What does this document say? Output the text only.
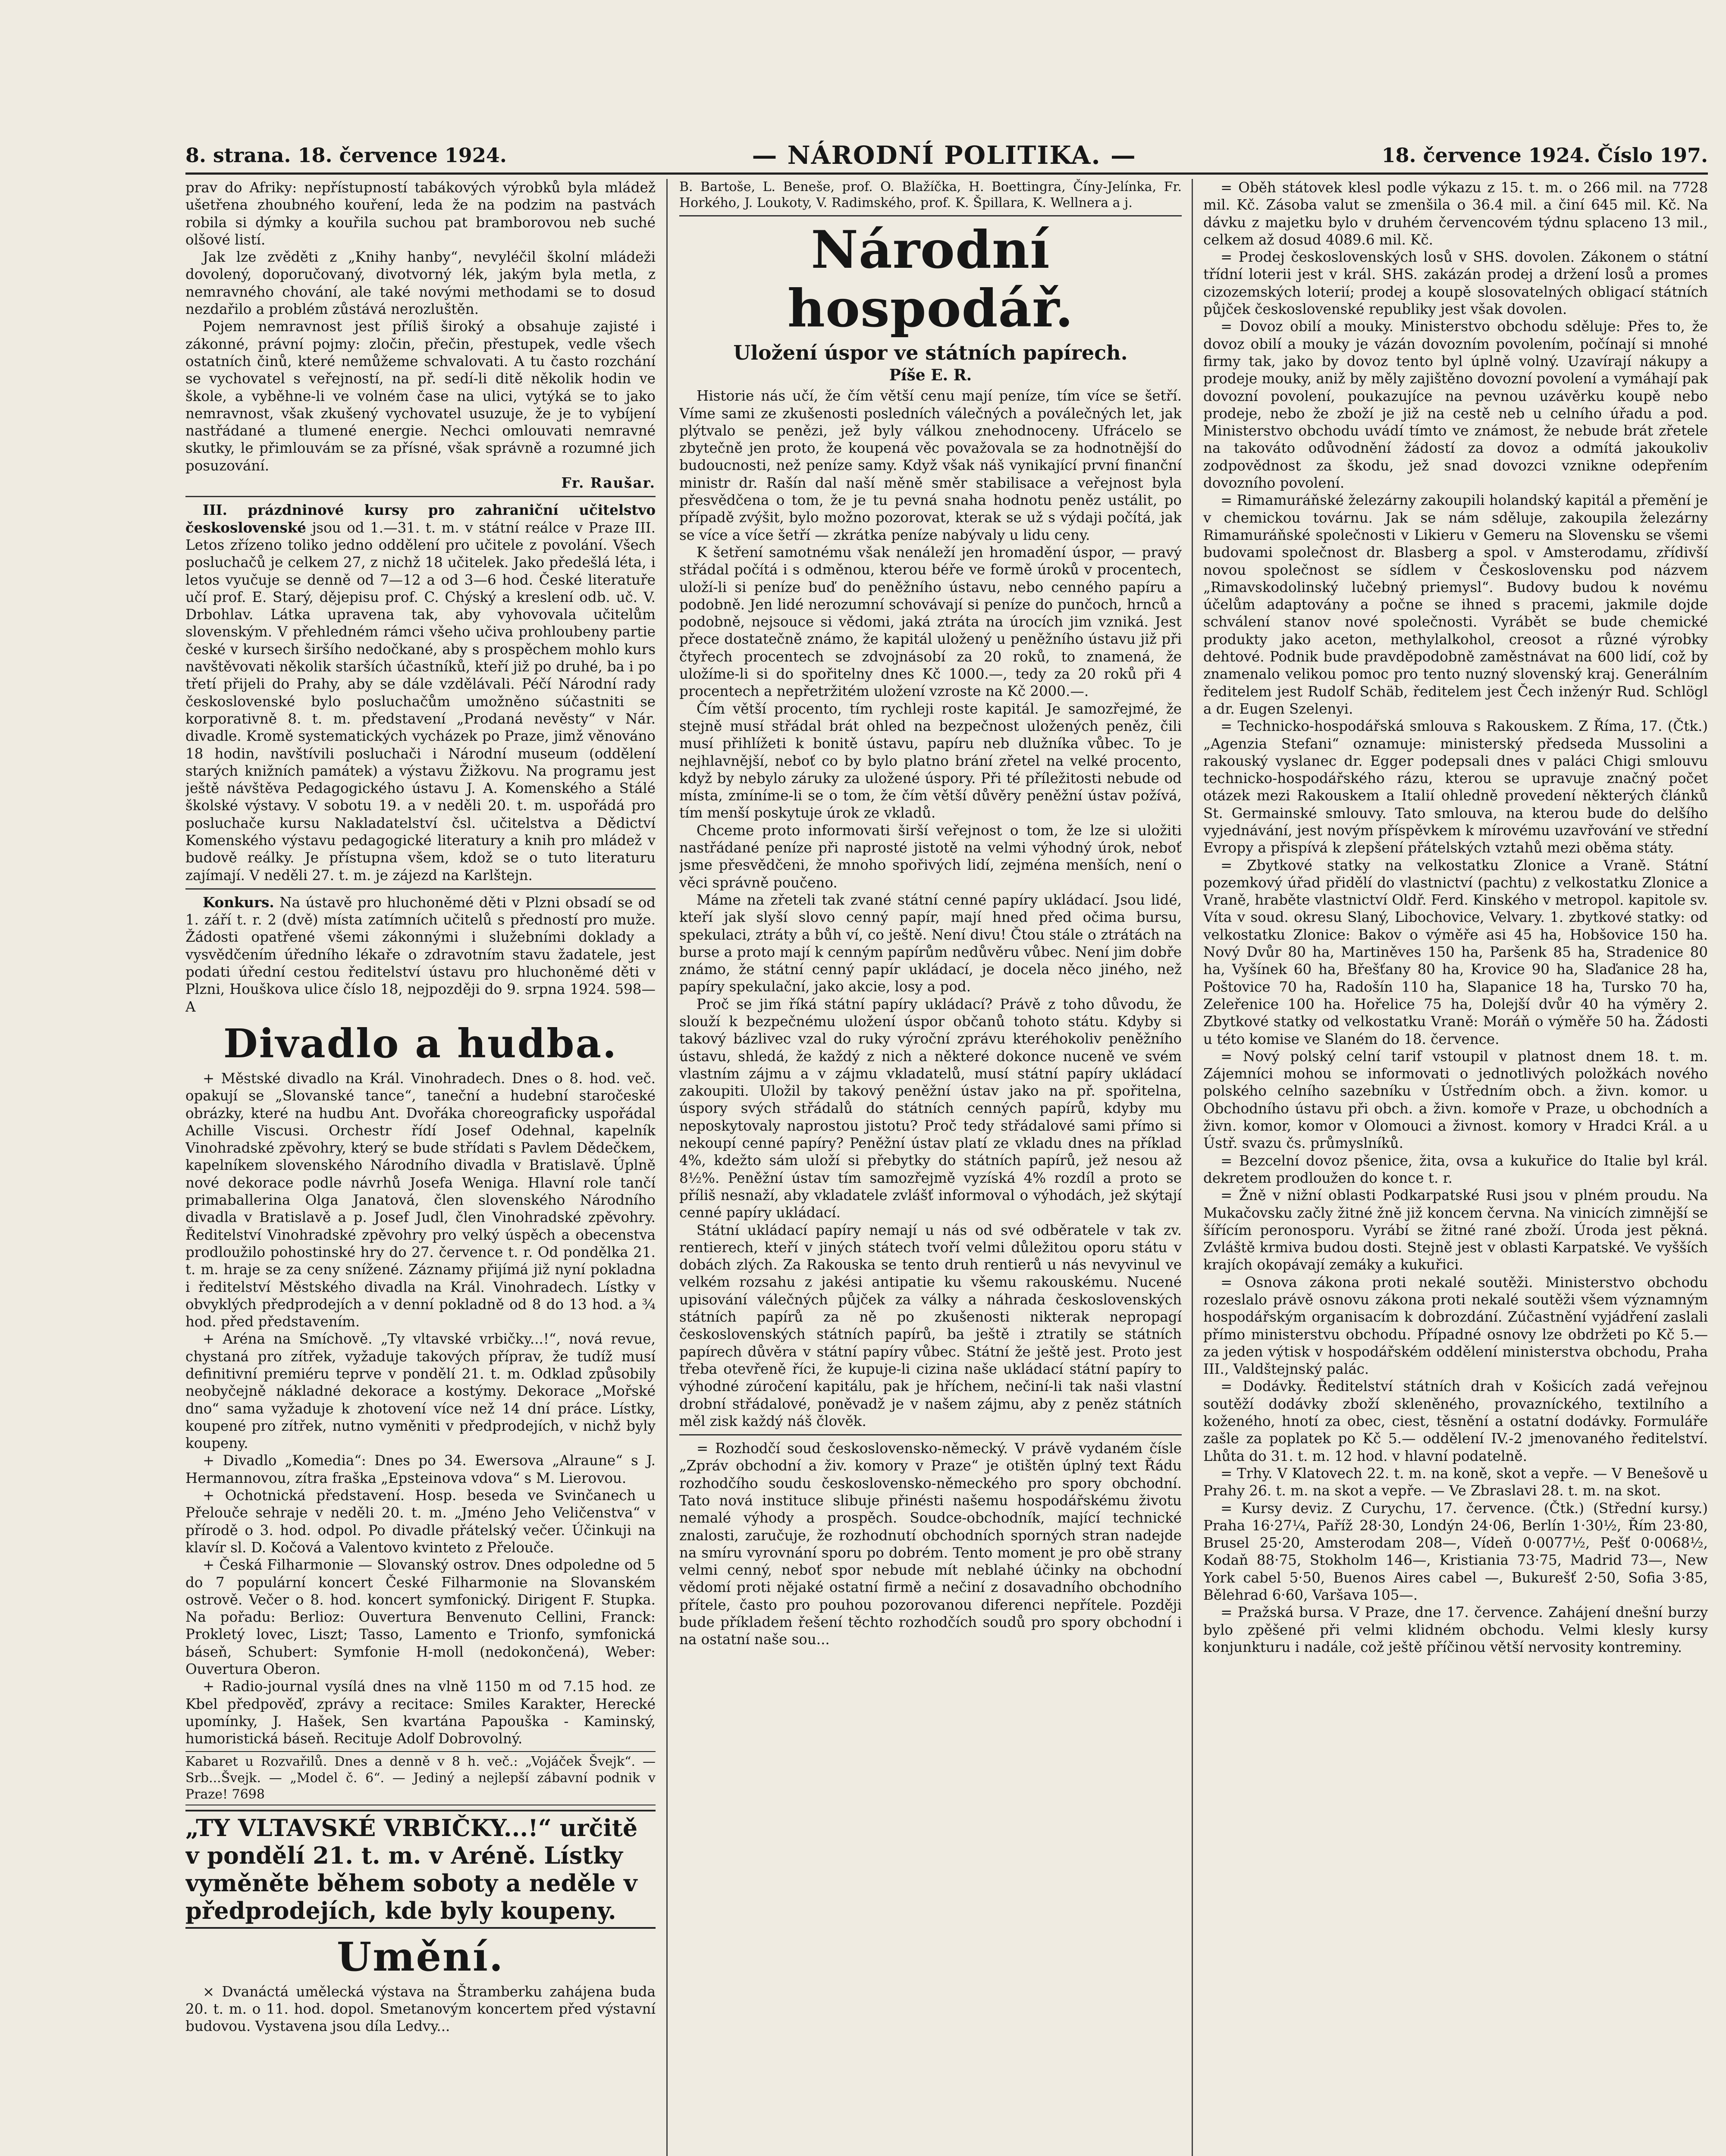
8. strana. 18. července 1924.	— NÁRODNÍ POLITIKA. —	18. července 1924. Číslo 197.

prav do Afriky: nepřístupností tabákových výrobků byla mládež ušetřena zhoubného kouření, leda že na podzim na pastvách robila si dýmky a kouřila suchou pat bramborovou neb suché olšové listí.

Jak lze zvěděti z „Knihy hanby“, nevyléčil školní mládeži dovolený, doporučovaný, divotvorný lék, jakým byla metla, z nemravného chování, ale také novými methodami se to dosud nezdařilo a problém zůstává nerozluštěn.

Pojem nemravnost jest příliš široký a obsahuje zajisté i zákonné, právní pojmy: zločin, přečin, přestupek, vedle všech ostatních činů, které nemůžeme schvalovati. A tu často rozchání se vychovatel s veřejností, na př. sedí-li ditě několik hodin ve škole, a vyběhne-li ve volném čase na ulici, vytýká se to jako nemravnost, však zkušený vychovatel usuzuje, že je to vybíjení nastřádané a tlumené energie. Nechci omlouvati nemravné skutky, le přimlouvám se za přísné, však správně a rozumné jich posuzování.

Fr. Raušar.

III. prázdninové kursy pro zahraniční učitelstvo československé jsou od 1.—31. t. m. v státní reálce v Praze III. Letos zřízeno toliko jedno oddělení pro učitele z povolání. Všech posluchačů je celkem 27, z nichž 18 učitelek. Jako předešlá léta, i letos vyučuje se denně od 7—12 a od 3—6 hod. České literatuře učí prof. E. Starý, dějepisu prof. C. Chýský a kreslení odb. uč. V. Drbohlav. Látka upravena tak, aby vyhovovala učitelům slovenským. V přehledném rámci všeho učiva prohloubeny partie české v kursech širšího nedočkané, aby s prospěchem mohlo kurs navštěvovati několik starších účastníků, kteří již po druhé, ba i po třetí přijeli do Prahy, aby se dále vzdělávali. Péčí Národní rady československé bylo posluchačům umožněno súčastniti se korporativně 8. t. m. představení „Prodaná nevěsty“ v Nár. divadle. Kromě systematických vycházek po Praze, jimž věnováno 18 hodin, navštívili posluchači i Národní museum (oddělení starých knižních památek) a výstavu Žižkovu. Na programu jest ještě návštěva Pedagogického ústavu J. A. Komenského a Stálé školské výstavy. V sobotu 19. a v neděli 20. t. m. uspořádá pro posluchače kursu Nakladatelství čsl. učitelstva a Dědictví Komenského výstavu pedagogické literatury a knih pro mládež v budově reálky. Je přístupna všem, kdož se o tuto literaturu zajímají. V neděli 27. t. m. je zájezd na Karlštejn.

Konkurs. Na ústavě pro hluchoněmé děti v Plzni obsadí se od 1. září t. r. 2 (dvě) místa zatímních učitelů s předností pro muže. Žádosti opatřené všemi zákonnými i služebními doklady a vysvědčením úředního lékaře o zdravotním stavu žadatele, jest podati úřední cestou ředitelství ústavu pro hluchoněmé děti v Plzni, Houškova ulice číslo 18, nejpozději do 9. srpna 1924. 598—A

Divadlo a hudba.

+ Městské divadlo na Král. Vinohradech. Dnes o 8. hod. več. opakují se „Slovanské tance“, taneční a hudební staročeské obrázky, které na hudbu Ant. Dvořáka choreograficky uspořádal Achille Viscusi. Orchestr řídí Josef Odehnal, kapelník Vinohradské zpěvohry, který se bude střídati s Pavlem Dědečkem, kapelníkem slovenského Národního divadla v Bratislavě. Úplně nové dekorace podle návrhů Josefa Weniga. Hlavní role tančí primaballerina Olga Janatová, člen slovenského Národního divadla v Bratislavě a p. Josef Judl, člen Vinohradské zpěvohry. Ředitelství Vinohradské zpěvohry pro velký úspěch a obecenstva prodloužilo pohostinské hry do 27. července t. r. Od pondělka 21. t. m. hraje se za ceny snížené. Záznamy přijímá již nyní pokladna i ředitelství Městského divadla na Král. Vinohradech. Lístky v obvyklých předprodejích a v denní pokladně od 8 do 13 hod. a ¾ hod. před představením.

+ Aréna na Smíchově. „Ty vltavské vrbičky...!“, nová revue, chystaná pro zítřek, vyžaduje takových příprav, že tudíž musí definitivní premiéru teprve v pondělí 21. t. m. Odklad způsobily neobyčejně nákladné dekorace a kostýmy. Dekorace „Mořské dno“ sama vyžaduje k zhotovení více než 14 dní práce. Lístky, koupené pro zítřek, nutno vyměniti v předprodejích, v nichž byly koupeny.

+ Divadlo „Komedia“: Dnes po 34. Ewersova „Alraune“ s J. Hermannovou, zítra fraška „Epsteinova vdova“ s M. Lierovou.

+ Ochotnická představení. Hosp. beseda ve Svinčanech u Přelouče sehraje v neděli 20. t. m. „Jméno Jeho Veličenstva“ v přírodě o 3. hod. odpol. Po divadle přátelský večer. Účinkuji na klavír sl. D. Kočová a Valentovo kvinteto z Přelouče.

+ Česká Filharmonie — Slovanský ostrov. Dnes odpoledne od 5 do 7 populární koncert České Filharmonie na Slovanském ostrově. Večer o 8. hod. koncert symfonický. Dirigent F. Stupka. Na pořadu: Berlioz: Ouvertura Benvenuto Cellini, Franck: Prokletý lovec, Liszt; Tasso, Lamento e Trionfo, symfonická báseň, Schubert: Symfonie H-moll (nedokončená), Weber: Ouvertura Oberon.

+ Radio-journal vysílá dnes na vlně 1150 m od 7.15 hod. ze Kbel předpověď, zprávy a recitace: Smiles Karakter, Herecké upomínky, J. Hašek, Sen kvartána Papouška - Kaminský, humoristická báseň. Recituje Adolf Dobrovolný.

Kabaret u Rozvařilů. Dnes a denně v 8 h. več.: „Vojáček Švejk“. — Srb...Švejk. — „Model č. 6“. — Jediný a nejlepší zábavní podnik v Praze! 7698
„TY VLTAVSKÉ VRBIČKY...!“ určitě v pondělí 21. t. m. v Aréně. Lístky vyměněte během soboty a neděle v předprodejích, kde byly koupeny.
Umění.

× Dvanáctá umělecká výstava na Štramberku zahájena buda 20. t. m. o 11. hod. dopol. Smetanovým koncertem před výstavní budovou. Vystavena jsou díla Ledvy...

B. Bartoše, L. Beneše, prof. O. Blažíčka, H. Boettingra, Číny-Jelínka, Fr. Horkého, J. Loukoty, V. Radimského, prof. K. Špillara, K. Wellnera a j.
Národní hospodář.
Uložení úspor ve státních papírech.
Píše E. R.

Historie nás učí, že čím větší cenu mají peníze, tím více se šetří. Víme sami ze zkušenosti posledních válečných a poválečných let, jak plýtvalo se penězi, jež byly válkou znehodnoceny. Ufrácelo se zbytečně jen proto, že koupená věc považovala se za hodnotnější do budoucnosti, než peníze samy. Když však náš vynikající první finanční ministr dr. Rašín dal naší měně směr stabilisace a veřejnost byla přesvědčena o tom, že je tu pevná snaha hodnotu peněz ustálit, po případě zvýšit, bylo možno pozorovat, kterak se už s výdaji počítá, jak se více a více šetří — zkrátka peníze nabývaly u lidu ceny.

K šetření samotnému však nenáleží jen hromadění úspor, — pravý střádal počítá i s odměnou, kterou béře ve formě úroků v procentech, uloží-li si peníze buď do peněžního ústavu, nebo cenného papíru a podobně. Jen lidé nerozumní schovávají si peníze do punčoch, hrnců a podobně, nejsouce si vědomi, jaká ztráta na úrocích jim vzniká. Jest přece dostatečně známo, že kapitál uložený u peněžního ústavu již při čtyřech procentech se zdvojnásobí za 20 roků, to znamená, že uložíme-li si do spořitelny dnes Kč 1000.—, tedy za 20 roků při 4 procentech a nepřetržitém uložení vzroste na Kč 2000.—.

Čím větší procento, tím rychleji roste kapitál. Je samozřejmé, že stejně musí střádal brát ohled na bezpečnost uložených peněz, čili musí přihlížeti k bonitě ústavu, papíru neb dlužníka vůbec. To je nejhlavnější, neboť co by bylo platno brání zřetel na velké procento, když by nebylo záruky za uložené úspory. Při té příležitosti nebude od místa, zmíníme-li se o tom, že čím větší důvěry peněžní ústav požívá, tím menší poskytuje úrok ze vkladů.

Chceme proto informovati širší veřejnost o tom, že lze si uložiti nastřádané peníze při naprosté jistotě na velmi výhodný úrok, neboť jsme přesvědčeni, že mnoho spořivých lidí, zejména menších, není o věci správně poučeno.

Máme na zřeteli tak zvané státní cenné papíry ukládací. Jsou lidé, kteří jak slyší slovo cenný papír, mají hned před očima bursu, spekulaci, ztráty a bůh ví, co ještě. Není divu! Čtou stále o ztrátách na burse a proto mají k cenným papírům nedůvěru vůbec. Není jim dobře známo, že státní cenný papír ukládací, je docela něco jiného, než papíry spekulační, jako akcie, losy a pod.

Proč se jim říká státní papíry ukládací? Právě z toho důvodu, že slouží k bezpečnému uložení úspor občanů tohoto státu. Kdyby si takový bázlivec vzal do ruky výroční zprávu kteréhokoliv peněžního ústavu, shledá, že každý z nich a některé dokonce nuceně ve svém vlastním zájmu a v zájmu vkladatelů, musí státní papíry ukládací zakoupiti. Uložil by takový peněžní ústav jako na př. spořitelna, úspory svých střádalů do státních cenných papírů, kdyby mu neposkytovaly naprostou jistotu? Proč tedy střádalové sami přímo si nekoupí cenné papíry? Peněžní ústav platí ze vkladu dnes na příklad 4%, kdežto sám uloží si přebytky do státních papírů, jež nesou až 8½%. Peněžní ústav tím samozřejmě vyzíská 4% rozdíl a proto se příliš nesnaží, aby vkladatele zvlášť informoval o výhodách, jež skýtají cenné papíry ukládací.

Státní ukládací papíry nemají u nás od své odběratele v tak zv. rentierech, kteří v jiných státech tvoří velmi důležitou oporu státu v dobách zlých. Za Rakouska se tento druh rentierů u nás nevyvinul ve velkém rozsahu z jakési antipatie ku všemu rakouskému. Nucené upisování válečných půjček za války a náhrada československých státních papírů za ně po zkušenosti nikterak nepropagí československých státních papírů, ba ještě i ztratily se státních papírech důvěra v státní papíry vůbec. Státní že ještě jest. Proto jest třeba otevřeně říci, že kupuje-li cizina naše ukládací státní papíry to výhodné zúročení kapitálu, pak je hříchem, nečiní-li tak naši vlastní drobní střádalové, poněvadž je v našem zájmu, aby z peněz státních měl zisk každý náš člověk.

= Rozhodčí soud československo-německý. V právě vydaném čísle „Zpráv obchodní a živ. komory v Praze“ je otištěn úplný text Řádu rozhodčího soudu československo-německého pro spory obchodní. Tato nová instituce slibuje přinésti našemu hospodářskému životu nemalé výhody a prospěch. Soudce-obchodník, mající technické znalosti, zaručuje, že rozhodnutí obchodních sporných stran nadejde na smíru vyrovnání sporu po dobrém. Tento moment je pro obě strany velmi cenný, neboť spor nebude mít neblahé účinky na obchodní vědomí proti nějaké ostatní firmě a nečiní z dosavadního obchodního přítele, často pro pouhou pozorovanou diferenci nepřítele. Později bude příkladem řešení těchto rozhodčích soudů pro spory obchodní i na ostatní naše sou...

= Oběh státovek klesl podle výkazu z 15. t. m. o 266 mil. na 7728 mil. Kč. Zásoba valut se zmenšila o 36.4 mil. a činí 645 mil. Kč. Na dávku z majetku bylo v druhém červencovém týdnu splaceno 13 mil., celkem až dosud 4089.6 mil. Kč.

= Prodej československých losů v SHS. dovolen. Zákonem o státní třídní loterii jest v král. SHS. zakázán prodej a držení losů a promes cizozemských loterií; prodej a koupě slosovatelných obligací státních půjček československé republiky jest však dovolen.

= Dovoz obilí a mouky. Ministerstvo obchodu sděluje: Přes to, že dovoz obilí a mouky je vázán dovozním povolením, počínají si mnohé firmy tak, jako by dovoz tento byl úplně volný. Uzavírají nákupy a prodeje mouky, aniž by měly zajištěno dovozní povolení a vymáhají pak dovozní povolení, poukazujíce na pevnou uzávěrku koupě nebo prodeje, nebo že zboží je již na cestě neb u celního úřadu a pod. Ministerstvo obchodu uvádí tímto ve známost, že nebude brát zřetele na takováto odůvodnění žádostí za dovoz a odmítá jakoukoliv zodpovědnost za škodu, jež snad dovozci vznikne odepřením dovozního povolení.

= Rimamuráňské železárny zakoupili holandský kapitál a přemění je v chemickou továrnu. Jak se nám sděluje, zakoupila železárny Rimamuráňské společnosti v Likieru v Gemeru na Slovensku se všemi budovami společnost dr. Blasberg a spol. v Amsterodamu, zřídivší novou společnost se sídlem v Československu pod názvem „Rimavskodolinský lučebný priemysl“. Budovy budou k novému účelům adaptovány a počne se ihned s pracemi, jakmile dojde schválení stanov nové společnosti. Vyrábět se bude chemické produkty jako aceton, methylalkohol, creosot a různé výrobky dehtové. Podnik bude pravděpodobně zaměstnávat na 600 lidí, což by znamenalo velikou pomoc pro tento nuzný slovenský kraj. Generálním ředitelem jest Rudolf Schäb, ředitelem jest Čech inženýr Rud. Schlögl a dr. Eugen Szelenyi.

= Technicko-hospodářská smlouva s Rakouskem. Z Říma, 17. (Čtk.) „Agenzia Stefani“ oznamuje: ministerský předseda Mussolini a rakouský vyslanec dr. Egger podepsali dnes v paláci Chigi smlouvu technicko-hospodářského rázu, kterou se upravuje značný počet otázek mezi Rakouskem a Italií ohledně provedení některých článků St. Germainské smlouvy. Tato smlouva, na kterou bude do delšího vyjednávání, jest novým příspěvkem k mírovému uzavřování ve střední Evropy a přispívá k zlepšení přátelských vztahů mezi oběma státy.

= Zbytkové statky na velkostatku Zlonice a Vraně. Státní pozemkový úřad přidělí do vlastnictví (pachtu) z velkostatku Zlonice a Vraně, hraběte vlastnictví Oldř. Ferd. Kinského v metropol. kapitole sv. Víta v soud. okresu Slaný, Libochovice, Velvary. 1. zbytkové statky: od velkostatku Zlonice: Bakov o výměře asi 45 ha, Hobšovice 150 ha. Nový Dvůr 80 ha, Martiněves 150 ha, Paršenk 85 ha, Stradenice 80 ha, Vyšínek 60 ha, Břešťany 80 ha, Krovice 90 ha, Slaďanice 28 ha, Poštovice 70 ha, Radošín 110 ha, Slapanice 18 ha, Tursko 70 ha, Zeleřenice 100 ha. Hořelice 75 ha, Dolejší dvůr 40 ha výměry 2. Zbytkové statky od velkostatku Vraně: Moráň o výměře 50 ha. Žádosti u této komise ve Slaném do 18. července.

= Nový polský celní tarif vstoupil v platnost dnem 18. t. m. Zájemníci mohou se informovati o jednotlivých položkách nového polského celního sazebníku v Ústředním obch. a živn. komor. u Obchodního ústavu při obch. a živn. komoře v Praze, u obchodních a živn. komor, komor v Olomouci a živnost. komory v Hradci Král. a u Ústř. svazu čs. průmyslníků.

= Bezcelní dovoz pšenice, žita, ovsa a kukuřice do Italie byl král. dekretem prodloužen do konce t. r.

= Žně v nižní oblasti Podkarpatské Rusi jsou v plném proudu. Na Mukačovsku začly žitné žně již koncem června. Na vinicích zimnější se šířícím peronosporu. Vyrábí se žitné rané zboží. Úroda jest pěkná. Zvláště krmiva budou dosti. Stejně jest v oblasti Karpatské. Ve vyšších krajích okopávají zemáky a kukuřici.

= Osnova zákona proti nekalé soutěži. Ministerstvo obchodu rozeslalo právě osnovu zákona proti nekalé soutěži všem významným hospodářským organisacím k dobrozdání. Zúčastnění vyjádření zaslali přímo ministerstvu obchodu. Případné osnovy lze obdržeti po Kč 5.— za jeden výtisk v hospodářském oddělení ministerstva obchodu, Praha III., Valdštejnský palác.

= Dodávky. Ředitelství státních drah v Košicích zadá veřejnou soutěží dodávky zboží skleněného, provazníckého, textilního a koženého, hnotí za obec, ciest, těsnění a ostatní dodávky. Formuláře zašle za poplatek po Kč 5.— oddělení IV.-2 jmenovaného ředitelství. Lhůta do 31. t. m. 12 hod. v hlavní podatelně.

= Trhy. V Klatovech 22. t. m. na koně, skot a vepře. — V Benešově u Prahy 26. t. m. na skot a vepře. — Ve Zbraslavi 28. t. m. na skot.

= Kursy deviz. Z Curychu, 17. července. (Čtk.) (Střední kursy.) Praha 16·27¼, Paříž 28·30, Londýn 24·06, Berlín 1·30½, Řím 23·80, Brusel 25·20, Amsterodam 208—, Vídeň 0·0077½, Pešť 0·0068½, Kodaň 88·75, Stokholm 146—, Kristiania 73·75, Madrid 73—, New York cabel 5·50, Buenos Aires cabel —, Bukurešť 2·50, Sofia 3·85, Bělehrad 6·60, Varšava 105—.

= Pražská bursa. V Praze, dne 17. července. Zahájení dnešní burzy bylo zpěšené při velmi klidném obchodu. Velmi klesly kursy konjunkturu i nadále, což ještě příčinou větší nervosity kontreminy.
